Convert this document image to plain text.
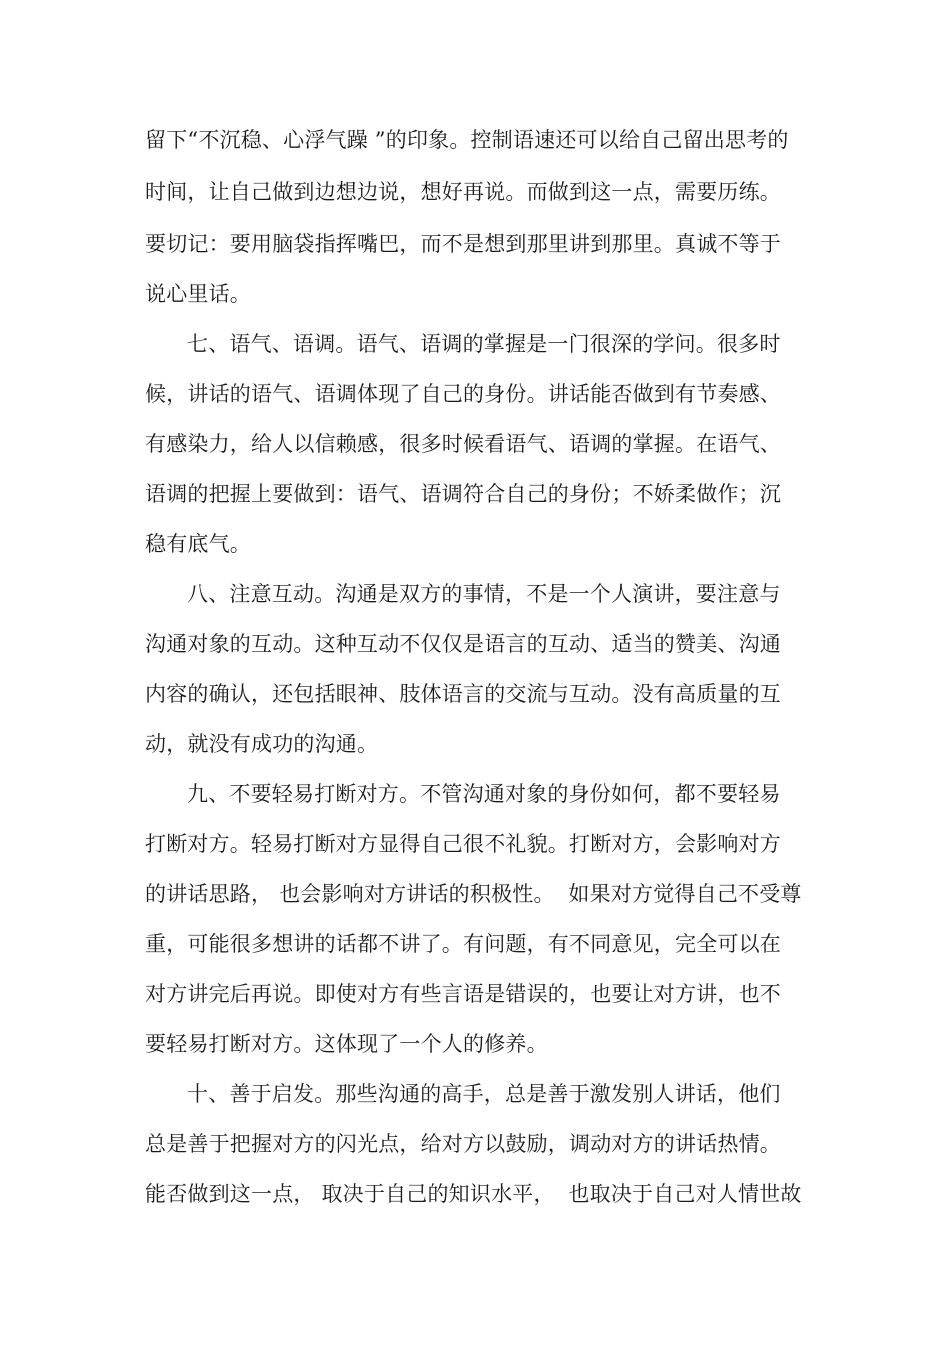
留下“不沉稳、心浮气躁 ”的印象。控制语速还可以给自己留出思考的
时间，让自己做到边想边说，想好再说。而做到这一点，需要历练。
要切记：要用脑袋指挥嘴巴，而不是想到那里讲到那里。真诚不等于
说心里话。
七、语气、语调。语气、语调的掌握是一门很深的学问。很多时
候，讲话的语气、语调体现了自己的身份。讲话能否做到有节奏感、
有感染力，给人以信赖感，很多时候看语气、语调的掌握。在语气、
语调的把握上要做到：语气、语调符合自己的身份；不娇柔做作；沉
稳有底气。
八、注意互动。沟通是双方的事情，不是一个人演讲，要注意与
沟通对象的互动。这种互动不仅仅是语言的互动、适当的赞美、沟通
内容的确认，还包括眼神、肢体语言的交流与互动。没有高质量的互
动，就没有成功的沟通。
九、不要轻易打断对方。不管沟通对象的身份如何，都不要轻易
打断对方。轻易打断对方显得自己很不礼貌。打断对方，会影响对方
的讲话思路， 也会影响对方讲话的积极性。  如果对方觉得自己不受尊
重，可能很多想讲的话都不讲了。有问题，有不同意见，完全可以在
对方讲完后再说。即使对方有些言语是错误的，也要让对方讲，也不
要轻易打断对方。这体现了一个人的修养。
十、善于启发。那些沟通的高手，总是善于激发别人讲话，他们
总是善于把握对方的闪光点，给对方以鼓励，调动对方的讲话热情。
能否做到这一点， 取决于自己的知识水平，  也取决于自己对人情世故
